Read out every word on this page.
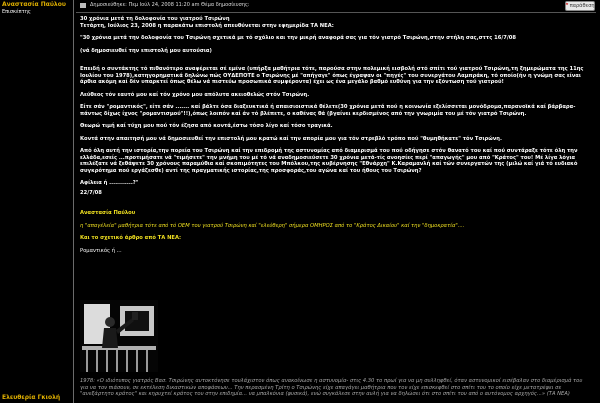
Αναστασία Παύλου
Επισκέπτης
Ελευθερία Γκιολή
Δημοσιεύθηκε: Πεμ Ιούλ 24, 2008 11:20 am Θέμα δημοσίευσης:	“ παράθεση

30 χρόνια μετά τη δολοφονία του γιατρού Τσιρώνη

Τετάρτη, Ιούλιος 23, 2008 η παρακάτω επιστολή απευθύνεται στην εφημερίδα ΤΑ ΝΕΑ:

"30 χρόνια μετά την δολοφονία του Τσιρώνη σχετικά με τό σχόλιο και την μικρή αναφορά σας για τόν γιατρό Τσιρώνη,στην στήλη σας,σττς 16/7/08

(νά δημοσιευθεί την επιστολή μου αυτούσια)

Επειδή ο συντάκτης τό πιθανότερο αναφέρεται σέ εμένα (υπήρξα μαθήτρια τότε, παρούσα στην πολεμική εισβολή στό σπίτι τού γιατρού Τσιρώνη,τη ξημερώματα της 11ης Ιουλίου του 1978),κατηγορηματικά δηλώνω πώς ΟΥΔΕΠΟΤΕ ο Τσιρώνης μέ "απήγαγε" όπως έγραψαν οι "πηγές" του συνεργάτου Λαμπράκη, τό οποίο(ήν η γνώμη σας είναι άρθια ακόμη καί δέν υπαρκτεί όπως θέλω νά πιστεύω προσωπικά συμφέροντα) έχει ως ένα μεγάλο βαθμό ευθύνη για την εξόντωση τού γιατρού!

Λεύθεος τόν εαυτό μου καί τόν χρόνο μου απόλυτα ακειοθελώς στόν Τσιρώνη.

Είτε σάν "ρομαντικός", είτε σάν ....... καί βάλτε όσα διαξευκτικά ή απαισιοιστικά θέλετε(30 χρόνια μετά πού η κοινωνία εξελίσσεται μονόδρομα,παρανοϊκά καί βάρβαρα-πάντως δίχως ίχνος "ρομαντισμού"!!),όπως λοιπόν καί άν τό βλέπετε, ο καθένας θά (βγαίνει κερδισμένος από την γνωριμία του μέ τόν γιατρό Τσιρώνη.

Θεωρώ τιμή καί τύχη μου πού τόν έζησα από κοντά,έστω τόσο λίγο καί τόσο τραγικά.

Κοντά στην απαιτησή μου νά δημοσιευθεί την επιστολή μου κρατώ καί την απορία μου για τόν στρεβλό τρόπο πού "θυμηθήκατε" τόν Τσιρώνη.

Από όλη αυτή την ιστορία,την πορεία του Τσιρώνη καί την επιδρομή της αστυνομίας από διαμερισμά του πού οδήγησε στόν θανατό του καί πού συντάραξε τότε όλη την ελλάδα,εσείς ...προτιμήσατε νά "τιμήσετε" την μνήμη του μέ τό νά αναδημοσιεύσετε 30 χρόνια μετά-τίς ανοησίες περί "απαγωγής" μου από "Κράτος" του! Μέ λίγα λόγια επιλέξατε νά ξεθάψετε 30 χρόνους παραμύθια καί σκοπιμότητες του Μπόλκου,της κυβέρνησης "Εθνάρχη" Κ.Καραμανλή καί τών συνεργατών της (μιλώ καί γιά τό ευδιακό συγκρότημα πού εργάζεσθε) αντί της πραγματικής ιστορίας,της προσφοράς,του αγώνα καί του ήθους του Τσιρώνη?

Αφίλεια ή ............?"

22/7/08

Αναστασία Παύλου

η "απαγέλεία" μαθήτρια τότε από τό ΟΕΜ του γιατρού Τσιρώνη καί "ελεύθερη" σήμερα ΟΜΗΡΟΣ από το "Κράτος Δικαίου" καί την "δημοκρατία"....

Και το σχετικό άρθρο από ΤΑ ΝΕΑ:

Ρομαντικός ή ...

1978: «Ο ιδιότυπος γιατρός Βασ. Τσιρώνης αυτοκτόνησε τουλάχιστον όπως ανακοίνωσε η αστυνομία- στις 4.30 το πρωί για να μη συλληφθεί, όταν αστυνομικοί εισέβαλαν στο διαμέρισμά του για να τον πιάσουν, σε εκτέλεση δικαστικών αποφάσεων... Την περασμένη Τρίτη ο Τσιρώνης είχε απαγάγει μαθήτρια που τον είχε επισκεφθεί στο σπίτι του το οποίο είχε μετατρέψει σε "ανεξάρτητο κράτος" και κηρυχτεί κράτος του στην επιδημία... να μπαλκόνια (φυσικά), ενώ συγκάλεσε στην αυλή για να δηλώσει ότι στο σπίτι του από ο αυτόνομος αρχηγός...» (ΤΑ ΝΕΑ)
